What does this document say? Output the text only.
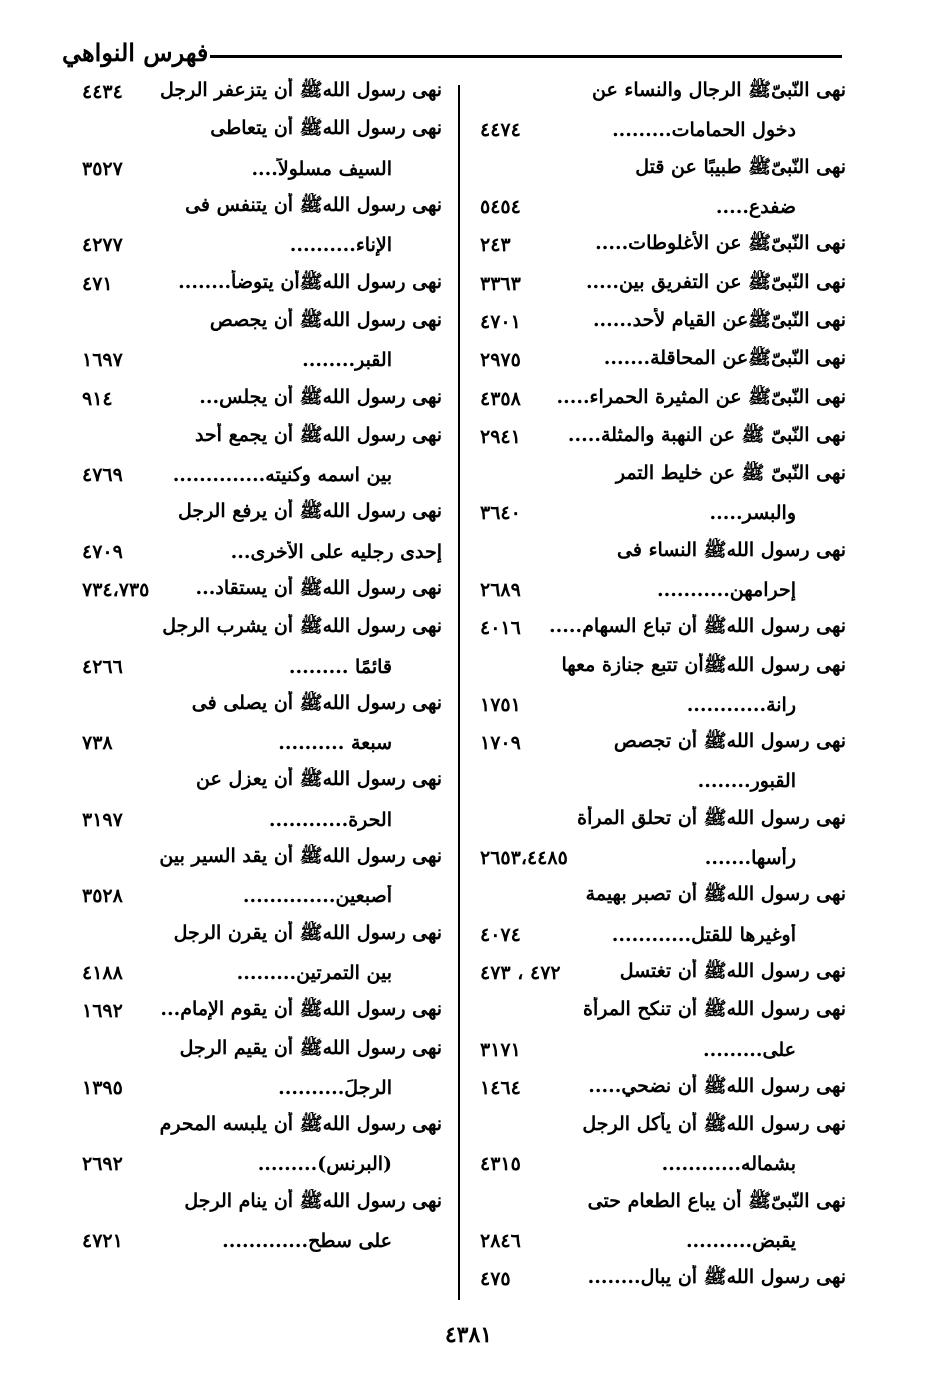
فهرس النواهي
نهى النّبىّﷺ الرجال والنساء عن
دخول الحمامات.........
٤٤٧٤
نهى النّبىّﷺ طبيبًا عن قتل
ضفدع.....
٥٤٥٤
نهى النّبىّﷺ عن الأغلوطات.....
٢٤٣
نهى النّبىّﷺ عن التفريق بين.....
٣٣٦٣
نهى النّبىّﷺعن القيام لأحد......
٤٧٠١
نهى النّبىّﷺعن المحاقلة.......
٢٩٧٥
نهى النّبىّﷺ عن المثيرة الحمراء.....
٤٣٥٨
نهى النّبىّ ﷺ عن النهبة والمثلة.....
٢٩٤١
نهى النّبىّ ﷺ عن خليط التمر
والبسر.....
٣٦٤٠
نهى رسول اللهﷺ النساء فى
إحرامهن...........
٢٦٨٩
نهى رسول اللهﷺ أن تباع السهام.....
٤٠١٦
نهى رسول اللهﷺأن تتبع جنازة معها
رانة............
١٧٥١
نهى رسول اللهﷺ أن تجصص
١٧٠٩
القبور........
نهى رسول اللهﷺ أن تحلق المرأة
رأسها.......
٢٦٥٣،٤٤٨٥
نهى رسول اللهﷺ أن تصبر بهيمة
أوغيرها للقتل............
٤٠٧٤
نهى رسول اللهﷺ أن تغتسل
٤٧٢ ، ٤٧٣
نهى رسول اللهﷺ أن تنكح المرأة
على.........
٣١٧١
نهى رسول اللهﷺ أن نضحي.....
١٤٦٤
نهى رسول اللهﷺ أن يأكل الرجل
بشماله............
٤٣١٥
نهى النّبىّﷺ أن يباع الطعام حتى
يقبض..........
٢٨٤٦
نهى رسول اللهﷺ أن يبال........
٤٧٥
نهى رسول اللهﷺ أن يتزعفر الرجل
٤٤٣٤
نهى رسول اللهﷺ أن يتعاطى
السيف مسلولاً....
٣٥٢٧
نهى رسول اللهﷺ أن يتنفس فى
الإناء..........
٤٢٧٧
نهى رسول اللهﷺأن يتوضأ........
٤٧١
نهى رسول اللهﷺ أن يجصص
القبر........
١٦٩٧
نهى رسول اللهﷺ أن يجلس...
٩١٤
نهى رسول اللهﷺ أن يجمع أحد
بين اسمه وكنيته..............
٤٧٦٩
نهى رسول اللهﷺ أن يرفع الرجل
إحدى رجليه على الأخرى...
٤٧٠٩
نهى رسول اللهﷺ أن يستقاد...
٧٣٤،٧٣٥
نهى رسول اللهﷺ أن يشرب الرجل
قائمًا .........
٤٢٦٦
نهى رسول اللهﷺ أن يصلى فى
سبعة ..........
٧٣٨
نهى رسول اللهﷺ أن يعزل عن
الحرة............
٣١٩٧
نهى رسول اللهﷺ أن يقد السير بين
أصبعين..............
٣٥٢٨
نهى رسول اللهﷺ أن يقرن الرجل
بين التمرتين.........
٤١٨٨
نهى رسول اللهﷺ أن يقوم الإمام...
١٦٩٢
نهى رسول اللهﷺ أن يقيم الرجل
الرجلَ..........
١٣٩٥
نهى رسول اللهﷺ أن يلبسه المحرم
(البرنس).........
٢٦٩٢
نهى رسول اللهﷺ أن ينام الرجل
على سطح.............
٤٧٢١
٤٣٨١
